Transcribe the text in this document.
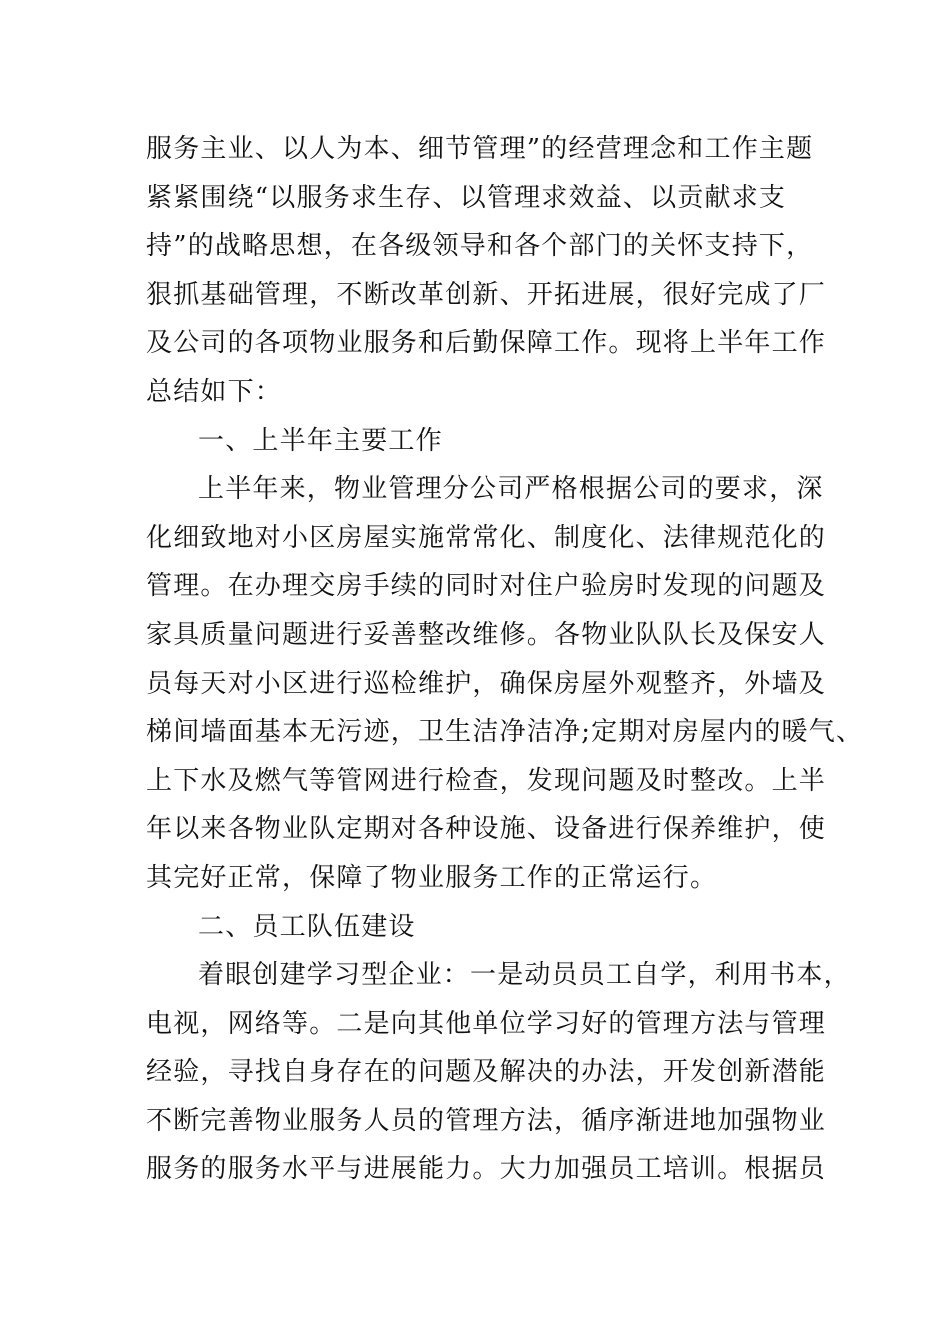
服务主业、以人为本、细节管理”的经营理念和工作主题
紧紧围绕“以服务求生存、以管理求效益、以贡献求支
持”的战略思想，在各级领导和各个部门的关怀支持下，
狠抓基础管理，不断改革创新、开拓进展，很好完成了厂
及公司的各项物业服务和后勤保障工作。现将上半年工作
总结如下：
一、上半年主要工作
上半年来，物业管理分公司严格根据公司的要求，深
化细致地对小区房屋实施常常化、制度化、法律规范化的
管理。在办理交房手续的同时对住户验房时发现的问题及
家具质量问题进行妥善整改维修。各物业队队长及保安人
员每天对小区进行巡检维护，确保房屋外观整齐，外墙及
梯间墙面基本无污迹，卫生洁净洁净;定期对房屋内的暖气、
上下水及燃气等管网进行检查，发现问题及时整改。上半
年以来各物业队定期对各种设施、设备进行保养维护，使
其完好正常，保障了物业服务工作的正常运行。
二、员工队伍建设
着眼创建学习型企业：一是动员员工自学，利用书本，
电视，网络等。二是向其他单位学习好的管理方法与管理
经验，寻找自身存在的问题及解决的办法，开发创新潜能
不断完善物业服务人员的管理方法，循序渐进地加强物业
服务的服务水平与进展能力。大力加强员工培训。根据员
